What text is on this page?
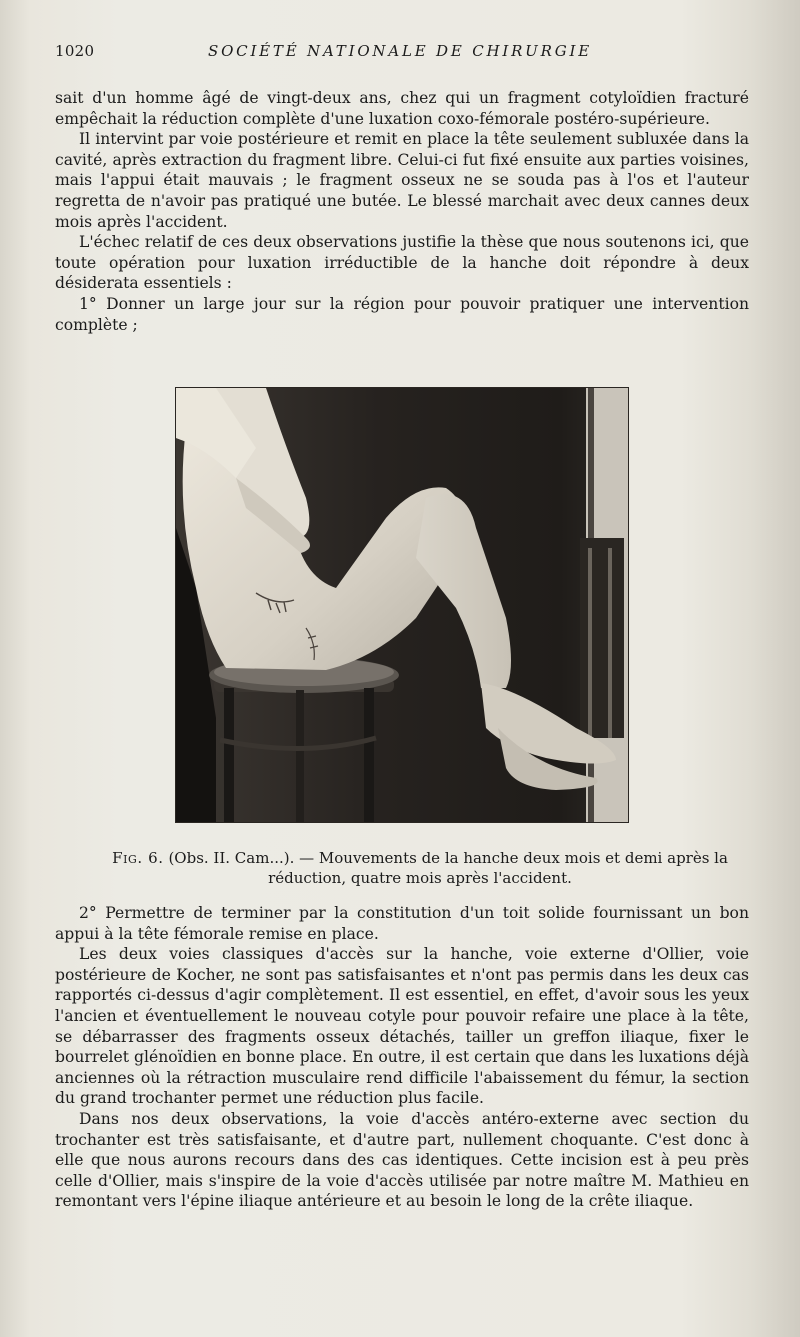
1020	SOCIÉTÉ NATIONALE DE CHIRURGIE

sait d'un homme âgé de vingt-deux ans, chez qui un fragment cotyloïdien fracturé empêchait la réduction complète d'une luxation coxo-fémorale postéro-supérieure.

Il intervint par voie postérieure et remit en place la tête seulement subluxée dans la cavité, après extraction du fragment libre. Celui-ci fut fixé ensuite aux parties voisines, mais l'appui était mauvais ; le fragment osseux ne se souda pas à l'os et l'auteur regretta de n'avoir pas pratiqué une butée. Le blessé marchait avec deux cannes deux mois après l'accident.

L'échec relatif de ces deux observations justifie la thèse que nous soutenons ici, que toute opération pour luxation irréductible de la hanche doit répondre à deux désiderata essentiels :

1° Donner un large jour sur la région pour pouvoir pratiquer une intervention complète ;

Fig. 6. (Obs. II. Cam...). — Mouvements de la hanche deux mois et demi après la réduction, quatre mois après l'accident.

2° Permettre de terminer par la constitution d'un toit solide fournissant un bon appui à la tête fémorale remise en place.

Les deux voies classiques d'accès sur la hanche, voie externe d'Ollier, voie postérieure de Kocher, ne sont pas satisfaisantes et n'ont pas permis dans les deux cas rapportés ci-dessus d'agir complètement. Il est essentiel, en effet, d'avoir sous les yeux l'ancien et éventuellement le nouveau cotyle pour pouvoir refaire une place à la tête, se débarrasser des fragments osseux détachés, tailler un greffon iliaque, fixer le bourrelet glénoïdien en bonne place. En outre, il est certain que dans les luxations déjà anciennes où la rétraction musculaire rend difficile l'abaissement du fémur, la section du grand trochanter permet une réduction plus facile.

Dans nos deux observations, la voie d'accès antéro-externe avec section du trochanter est très satisfaisante, et d'autre part, nullement choquante. C'est donc à elle que nous aurons recours dans des cas identiques. Cette incision est à peu près celle d'Ollier, mais s'inspire de la voie d'accès utilisée par notre maître M. Mathieu en remontant vers l'épine iliaque antérieure et au besoin le long de la crête iliaque.
